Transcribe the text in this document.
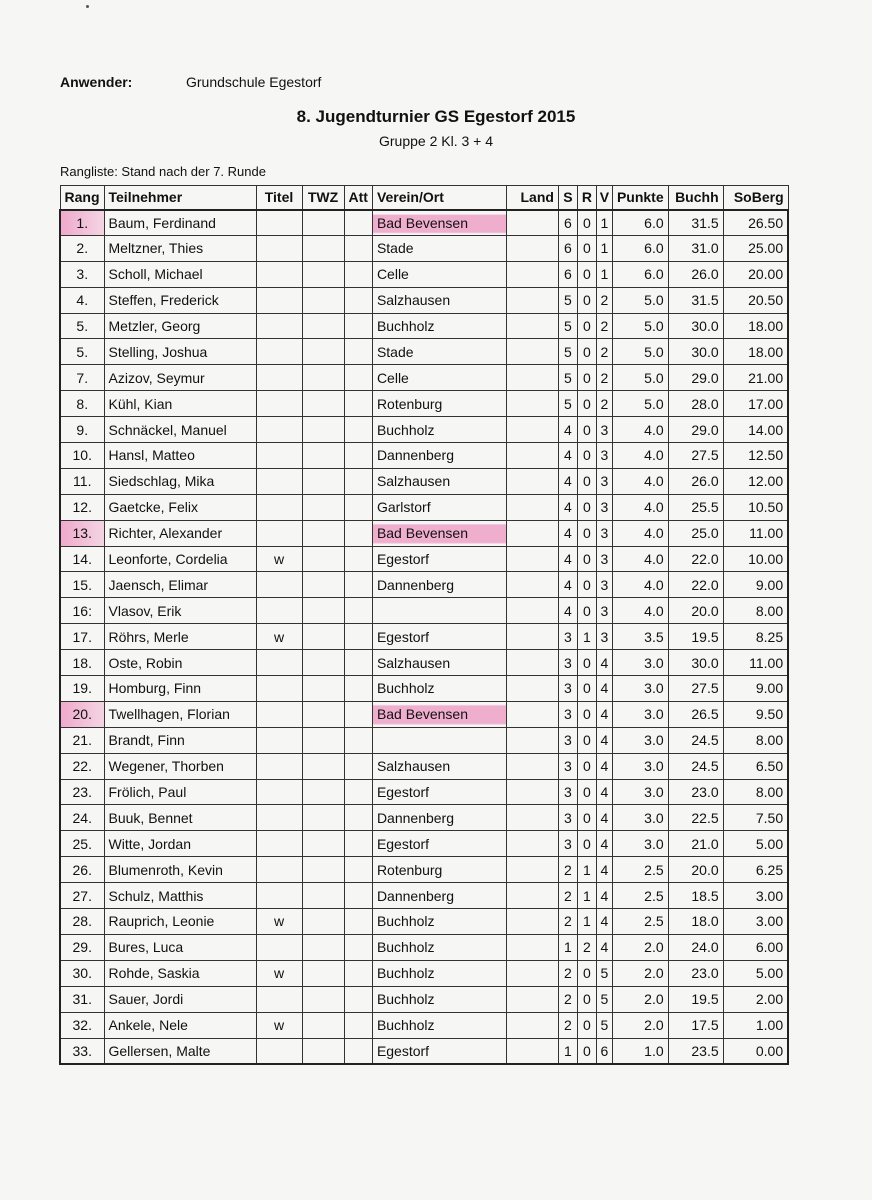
Anwender:	Grundschule Egestorf
8. Jugendturnier GS Egestorf 2015
Gruppe 2 Kl. 3 + 4
Rangliste: Stand nach der 7. Runde
Rang	Teilnehmer	Titel	TWZ	Att	Verein/Ort	Land	S	R	V	Punkte	Buchh	SoBerg
1.	Baum, Ferdinand				Bad Bevensen		6	0	1	6.0	31.5	26.50
2.	Meltzner, Thies				Stade		6	0	1	6.0	31.0	25.00
3.	Scholl, Michael				Celle		6	0	1	6.0	26.0	20.00
4.	Steffen, Frederick				Salzhausen		5	0	2	5.0	31.5	20.50
5.	Metzler, Georg				Buchholz		5	0	2	5.0	30.0	18.00
5.	Stelling, Joshua				Stade		5	0	2	5.0	30.0	18.00
7.	Azizov, Seymur				Celle		5	0	2	5.0	29.0	21.00
8.	Kühl, Kian				Rotenburg		5	0	2	5.0	28.0	17.00
9.	Schnäckel, Manuel				Buchholz		4	0	3	4.0	29.0	14.00
10.	Hansl, Matteo				Dannenberg		4	0	3	4.0	27.5	12.50
11.	Siedschlag, Mika				Salzhausen		4	0	3	4.0	26.0	12.00
12.	Gaetcke, Felix				Garlstorf		4	0	3	4.0	25.5	10.50
13.	Richter, Alexander				Bad Bevensen		4	0	3	4.0	25.0	11.00
14.	Leonforte, Cordelia	w			Egestorf		4	0	3	4.0	22.0	10.00
15.	Jaensch, Elimar				Dannenberg		4	0	3	4.0	22.0	9.00
16:	Vlasov, Erik						4	0	3	4.0	20.0	8.00
17.	Röhrs, Merle	w			Egestorf		3	1	3	3.5	19.5	8.25
18.	Oste, Robin				Salzhausen		3	0	4	3.0	30.0	11.00
19.	Homburg, Finn				Buchholz		3	0	4	3.0	27.5	9.00
20.	Twellhagen, Florian				Bad Bevensen		3	0	4	3.0	26.5	9.50
21.	Brandt, Finn						3	0	4	3.0	24.5	8.00
22.	Wegener, Thorben				Salzhausen		3	0	4	3.0	24.5	6.50
23.	Frölich, Paul				Egestorf		3	0	4	3.0	23.0	8.00
24.	Buuk, Bennet				Dannenberg		3	0	4	3.0	22.5	7.50
25.	Witte, Jordan				Egestorf		3	0	4	3.0	21.0	5.00
26.	Blumenroth, Kevin				Rotenburg		2	1	4	2.5	20.0	6.25
27.	Schulz, Matthis				Dannenberg		2	1	4	2.5	18.5	3.00
28.	Rauprich, Leonie	w			Buchholz		2	1	4	2.5	18.0	3.00
29.	Bures, Luca				Buchholz		1	2	4	2.0	24.0	6.00
30.	Rohde, Saskia	w			Buchholz		2	0	5	2.0	23.0	5.00
31.	Sauer, Jordi				Buchholz		2	0	5	2.0	19.5	2.00
32.	Ankele, Nele	w			Buchholz		2	0	5	2.0	17.5	1.00
33.	Gellersen, Malte				Egestorf		1	0	6	1.0	23.5	0.00
